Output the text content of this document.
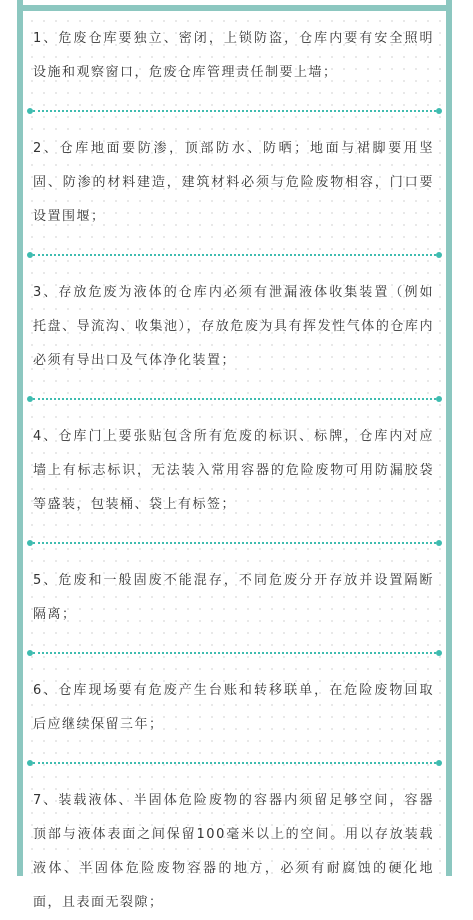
1、危废仓库要独立、密闭，上锁防盗，仓库内要有安全照明设施和观察窗口，危废仓库管理责任制要上墙；

2、仓库地面要防渗，顶部防水、防晒；地面与裙脚要用坚固、防渗的材料建造，建筑材料必须与危险废物相容，门口要设置围堰；

3、存放危废为液体的仓库内必须有泄漏液体收集装置（例如托盘、导流沟、收集池），存放危废为具有挥发性气体的仓库内必须有导出口及气体净化装置；

4、仓库门上要张贴包含所有危废的标识、标牌，仓库内对应墙上有标志标识，无法装入常用容器的危险废物可用防漏胶袋等盛装，包装桶、袋上有标签；

5、危废和一般固废不能混存，不同危废分开存放并设置隔断隔离；

6、仓库现场要有危废产生台账和转移联单，在危险废物回取后应继续保留三年；

7、装载液体、半固体危险废物的容器内须留足够空间，容器顶部与液体表面之间保留100毫米以上的空间。用以存放装载液体、半固体危险废物容器的地方，必须有耐腐蚀的硬化地面，且表面无裂隙；
